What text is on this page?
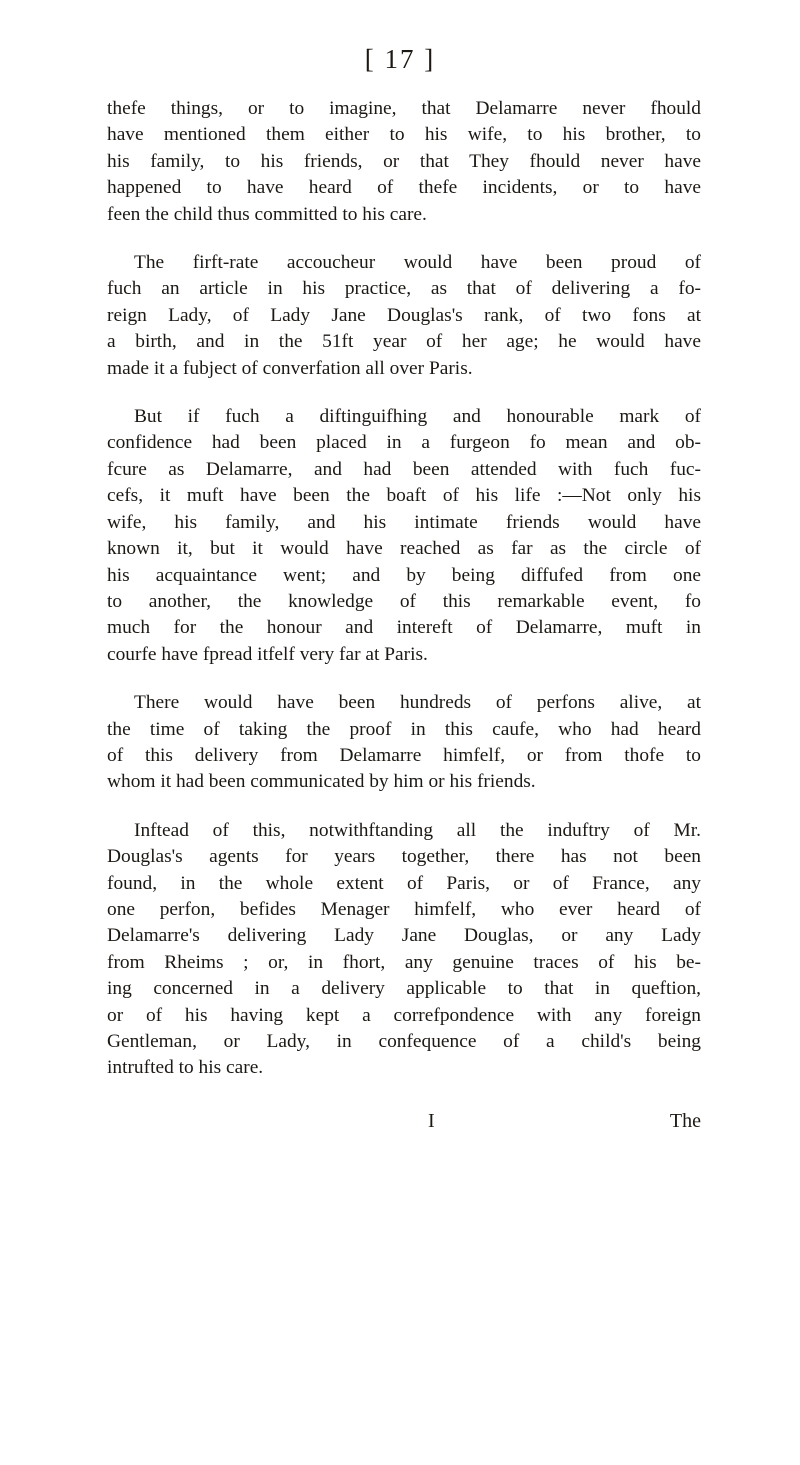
[ 17 ]

thefe things, or to imagine, that Delamarre never fhould
have mentioned them either to his wife, to his brother, to
his family, to his friends, or that They fhould never have
happened to have heard of thefe incidents, or to have
feen the child thus committed to his care.

The firft-rate accoucheur would have been proud of
fuch an article in his practice, as that of delivering a fo-
reign Lady, of Lady Jane Douglas's rank, of two fons at
a birth, and in the 51ft year of her age; he would have
made it a fubject of converfation all over Paris.

But if fuch a diftinguifhing and honourable mark of
confidence had been placed in a furgeon fo mean and ob-
fcure as Delamarre, and had been attended with fuch fuc-
cefs, it muft have been the boaft of his life :—Not only his
wife, his family, and his intimate friends would have
known it, but it would have reached as far as the circle of
his acquaintance went; and by being diffufed from one
to another, the knowledge of this remarkable event, fo
much for the honour and intereft of Delamarre, muft in
courfe have fpread itfelf very far at Paris.

There would have been hundreds of perfons alive, at
the time of taking the proof in this caufe, who had heard
of this delivery from Delamarre himfelf, or from thofe to
whom it had been communicated by him or his friends.

Inftead of this, notwithftanding all the induftry of Mr.
Douglas's agents for years together, there has not been
found, in the whole extent of Paris, or of France, any
one perfon, befides Menager himfelf, who ever heard of
Delamarre's delivering Lady Jane Douglas, or any Lady
from Rheims ; or, in fhort, any genuine traces of his be-
ing concerned in a delivery applicable to that in queftion,
or of his having kept a correfpondence with any foreign
Gentleman, or Lady, in confequence of a child's being
intrufted to his care.

I	The
